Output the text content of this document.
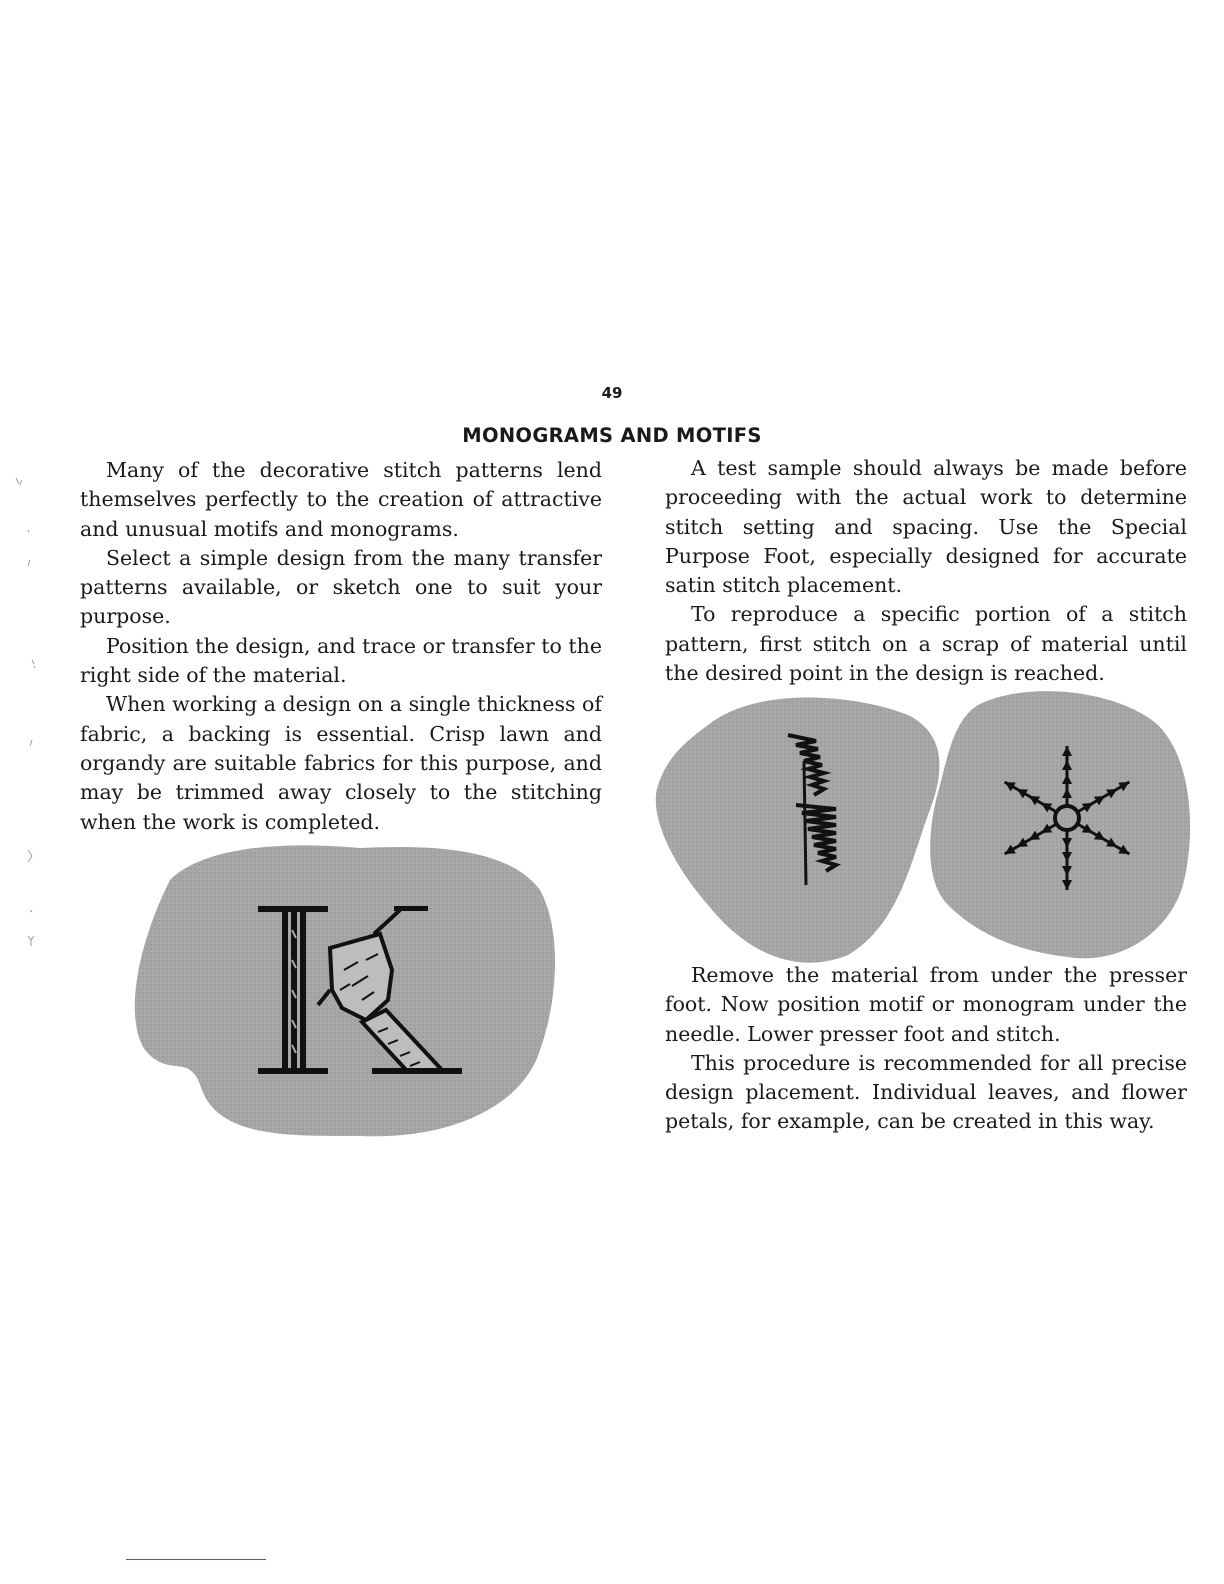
49
MONOGRAMS AND MOTIFS

Many of the decorative stitch patterns lend themselves perfectly to the creation of attractive and unusual motifs and monograms.

Select a simple design from the many transfer patterns available, or sketch one to suit your purpose.

Position the design, and trace or transfer to the right side of the material.

When working a design on a single thickness of fabric, a backing is essential. Crisp lawn and organdy are suitable fabrics for this purpose, and may be trimmed away closely to the stitching when the work is completed.

A test sample should always be made before proceeding with the actual work to determine stitch setting and spacing. Use the Special Purpose Foot, especially designed for accurate satin stitch placement.

To reproduce a specific portion of a stitch pattern, first stitch on a scrap of material until the desired point in the design is reached.

Remove the material from under the presser foot. Now position motif or monogram under the needle. Lower presser foot and stitch.

This procedure is recommended for all precise design placement. Individual leaves, and flower petals, for example, can be created in this way.
